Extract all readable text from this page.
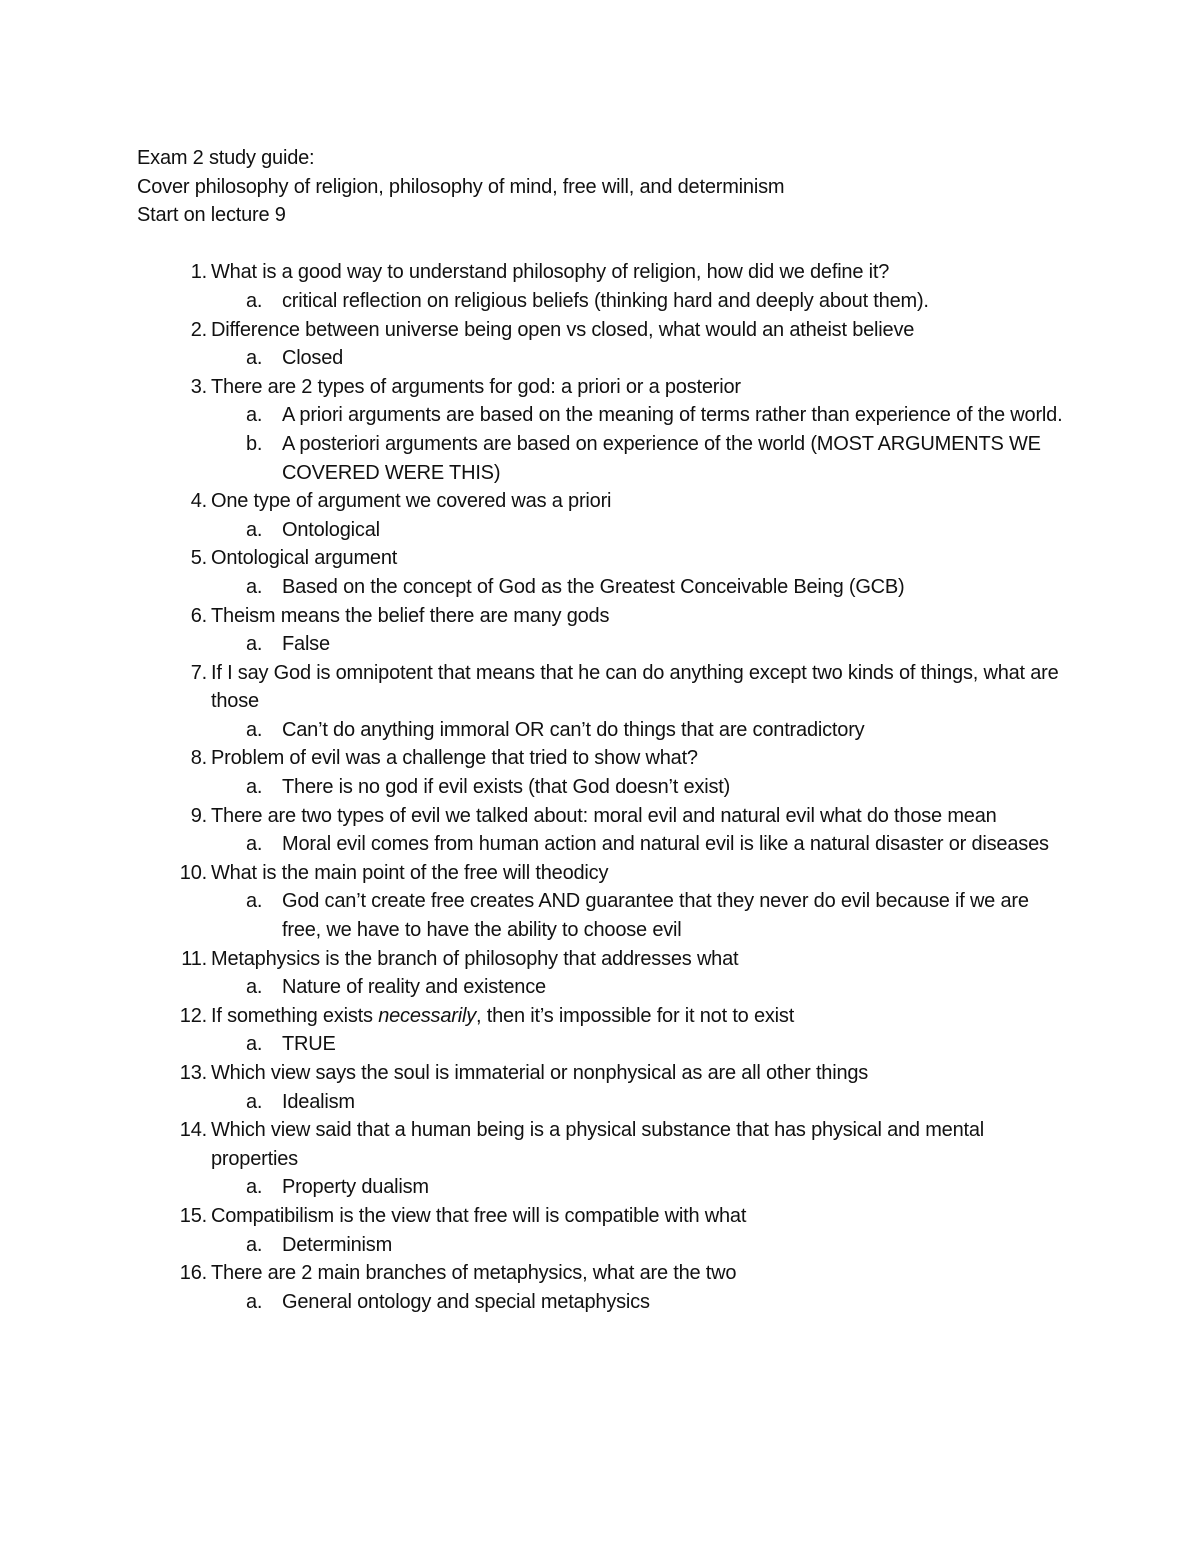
Exam 2 study guide:
Cover philosophy of religion, philosophy of mind, free will, and determinism
Start on lecture 9
1. What is a good way to understand philosophy of religion, how did we define it?
a. critical reflection on religious beliefs (thinking hard and deeply about them).
2. Difference between universe being open vs closed, what would an atheist believe
a. Closed
3. There are 2 types of arguments for god: a priori or a posterior
a. A priori arguments are based on the meaning of terms rather than experience of the world.
b. A posteriori arguments are based on experience of the world (MOST ARGUMENTS WE COVERED WERE THIS)
4. One type of argument we covered was a priori
a. Ontological
5. Ontological argument
a. Based on the concept of God as the Greatest Conceivable Being (GCB)
6. Theism means the belief there are many gods
a. False
7. If I say God is omnipotent that means that he can do anything except two kinds of things, what are those
a. Can’t do anything immoral OR can’t do things that are contradictory
8. Problem of evil was a challenge that tried to show what?
a. There is no god if evil exists (that God doesn’t exist)
9. There are two types of evil we talked about: moral evil and natural evil what do those mean
a. Moral evil comes from human action and natural evil is like a natural disaster or diseases
10. What is the main point of the free will theodicy
a. God can’t create free creates AND guarantee that they never do evil because if we are free, we have to have the ability to choose evil
11. Metaphysics is the branch of philosophy that addresses what
a. Nature of reality and existence
12. If something exists necessarily, then it’s impossible for it not to exist
a. TRUE
13. Which view says the soul is immaterial or nonphysical as are all other things
a. Idealism
14. Which view said that a human being is a physical substance that has physical and mental properties
a. Property dualism
15. Compatibilism is the view that free will is compatible with what
a. Determinism
16. There are 2 main branches of metaphysics, what are the two
a. General ontology and special metaphysics
